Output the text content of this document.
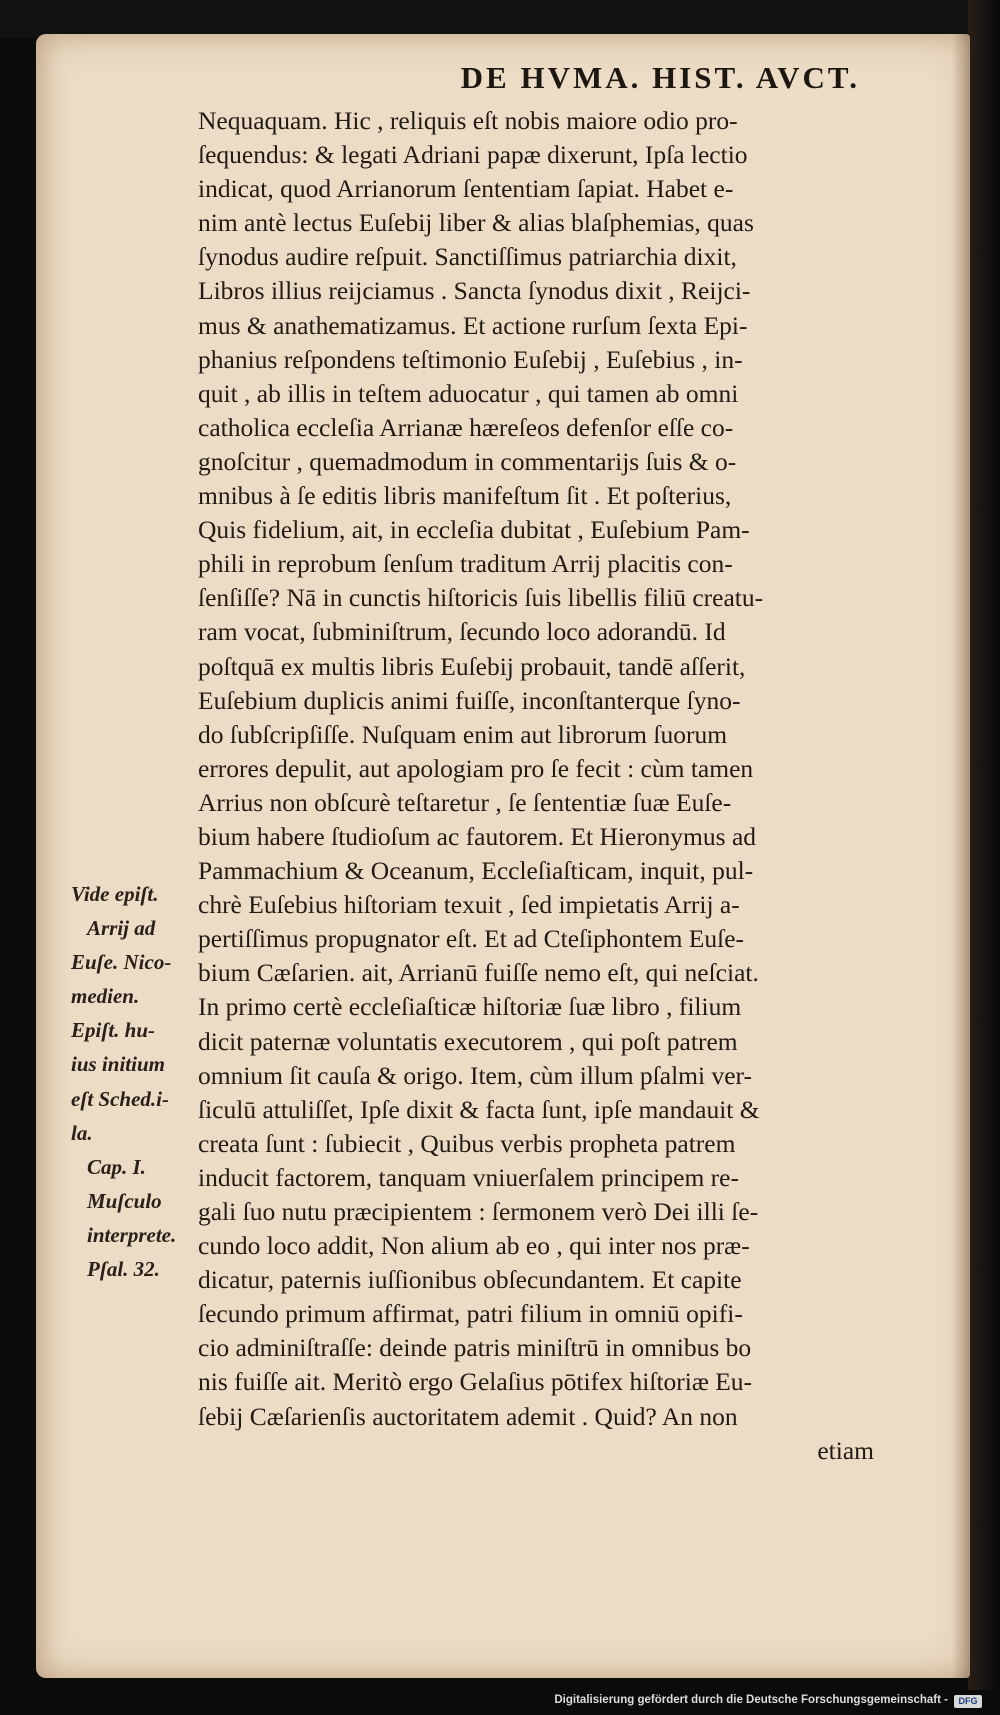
DE HVMA. HIST. AVCT.
Nequaquam. Hic , reliquis eſt nobis maiore odio pro-
ſequendus: & legati Adriani papæ dixerunt, Ipſa lectio
indicat, quod Arrianorum ſententiam ſapiat. Habet e-
nim antè lectus Euſebij liber & alias blaſphemias, quas
ſynodus audire reſpuit. Sanctiſſimus patriarchia dixit,
Libros illius reijciamus . Sancta ſynodus dixit , Reijci-
mus & anathematizamus. Et actione rurſum ſexta Epi-
phanius reſpondens teſtimonio Euſebij , Euſebius , in-
quit , ab illis in teſtem aduocatur , qui tamen ab omni
catholica eccleſia Arrianæ hæreſeos defenſor eſſe co-
gnoſcitur , quemadmodum in commentarijs ſuis & o-
mnibus à ſe editis libris manifeſtum ſit . Et poſterius,
Quis fidelium, ait, in eccleſia dubitat , Euſebium Pam-
phili in reprobum ſenſum traditum Arrij placitis con-
ſenſiſſe? Nā in cunctis hiſtoricis ſuis libellis filiū creatu-
ram vocat, ſubminiſtrum, ſecundo loco adorandū. Id
poſtquā ex multis libris Euſebij probauit, tandē aſſerit,
Euſebium duplicis animi fuiſſe, inconſtanterque ſyno-
do ſubſcripſiſſe. Nuſquam enim aut librorum ſuorum
errores depulit, aut apologiam pro ſe fecit : cùm tamen
Arrius non obſcurè teſtaretur , ſe ſententiæ ſuæ Euſe-
bium habere ſtudioſum ac fautorem. Et Hieronymus ad
Pammachium & Oceanum, Eccleſiaſticam, inquit, pul-
chrè Euſebius hiſtoriam texuit , ſed impietatis Arrij a-
pertiſſimus propugnator eſt. Et ad Cteſiphontem Euſe-
bium Cæſarien. ait, Arrianū fuiſſe nemo eſt, qui neſciat.
In primo certè eccleſiaſticæ hiſtoriæ ſuæ libro , filium
dicit paternæ voluntatis executorem , qui poſt patrem
omnium ſit cauſa & origo. Item, cùm illum pſalmi ver-
ſiculū attuliſſet, Ipſe dixit & facta ſunt, ipſe mandauit &
creata ſunt : ſubiecit , Quibus verbis propheta patrem
inducit factorem, tanquam vniuerſalem principem re-
gali ſuo nutu præcipientem : ſermonem verò Dei illi ſe-
cundo loco addit, Non alium ab eo , qui inter nos præ-
dicatur, paternis iuſſionibus obſecundantem. Et capite
ſecundo primum affirmat, patri filium in omniū opifi-
cio adminiſtraſſe: deinde patris miniſtrū in omnibus bo
nis fuiſſe ait. Meritò ergo Gelaſius pōtifex hiſtoriæ Eu-
ſebij Cæſarienſis auctoritatem ademit . Quid? An non
etiam
Vide epiſt.
Arrij ad
Euſe. Nico-
medien.
Epiſt. hu-
ius initium
eſt Sched.i-
la.
Cap. I.
Muſculo
interprete.
Pſal. 32.
Digitalisierung gefördert durch die Deutsche Forschungsgemeinschaft -	DFG
